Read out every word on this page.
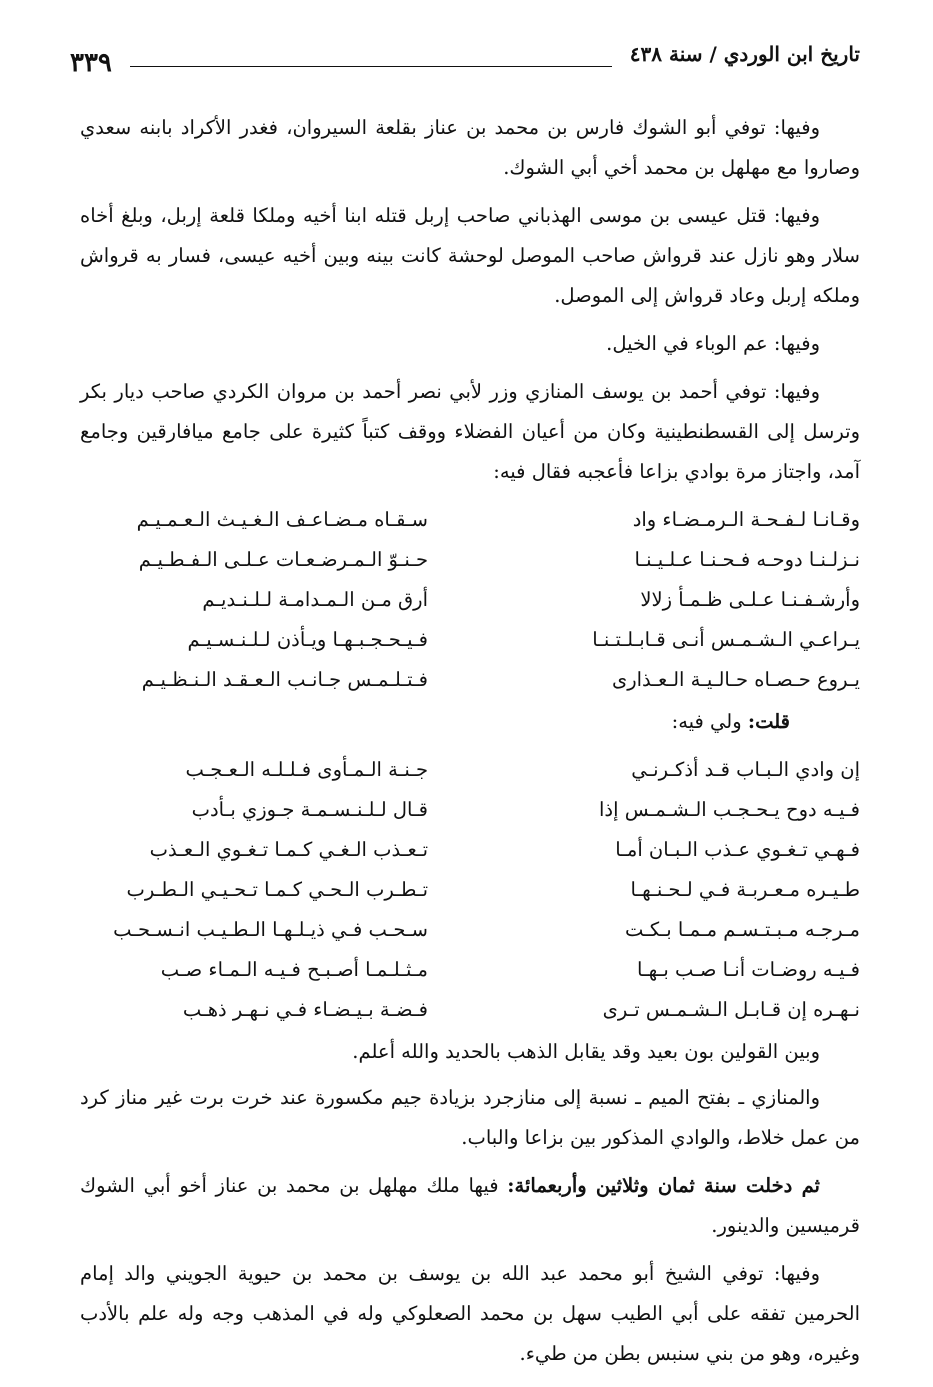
تاريخ ابن الوردي / سنة ٤٣٨
٣٣٩

وفيها: توفي أبو الشوك فارس بن محمد بن عناز بقلعة السيروان، فغدر الأكراد بابنه سعدي وصاروا مع مهلهل بن محمد أخي أبي الشوك.

وفيها: قتل عيسى بن موسى الهذباني صاحب إربل قتله ابنا أخيه وملكا قلعة إربل، وبلغ أخاه سلار وهو نازل عند قرواش صاحب الموصل لوحشة كانت بينه وبين أخيه عيسى، فسار به قرواش وملكه إربل وعاد قرواش إلى الموصل.

وفيها: عم الوباء في الخيل.

وفيها: توفي أحمد بن يوسف المنازي وزر لأبي نصر أحمد بن مروان الكردي صاحب ديار بكر وترسل إلى القسطنطينية وكان من أعيان الفضلاء ووقف كتباً كثيرة على جامع ميافارقين وجامع آمد، واجتاز مرة بوادي بزاعا فأعجبه فقال فيه:

وقـانـا لـفـحـة الـرمـضـاء واد
سـقـاه مـضـاعـف الـغـيـث الـعـمـيـم
نـزلـنـا دوحـه فـحـنـا عـلـيـنـا
حـنـوّ الـمـرضـعـات عـلـى الـفـطـيـم
وأرشـفـنـا عـلـى ظـمـأ زلالا
أرق مـن الـمـدامـة لـلـنـديـم
يـراعـي الـشـمـس أنـى قـابـلـتـنـا
فـيـحـجـبـهـا ويـأذن لـلـنـسـيـم
يـروع حـصـاه حـالـيـة الـعـذارى
فـتـلـمـس جـانـب الـعـقـد الـنـظـيـم
قلت: ولي فيه:
إن وادي الـبـاب قـد أذكـرنـي
جـنـة الـمـأوى فـلـلـه الـعـجـب
فـيـه دوح يـحـجـب الـشـمـس إذا
قـال لـلـنـسـمـة جـوزي بـأدب
فـهـي تـغـوي عـذب الـبـان أمـا
تـعـذب الـغـي كـمـا تـغـوي الـعـذب
طـيـره مـعـربـة فـي لـحـنـهـا
تـطـرب الـحـي كـمـا تـحـيـي الـطـرب
مـرجـه مـبـتـسـم مـمـا بـكـت
سـحـب فـي ذيـلـهـا الـطـيـب انـسـحـب
فـيـه روضـات أنـا صـب بـهـا
مـثـلـمـا أصـبـح فـيـه الـمـاء صـب
نـهـره إن قـابـل الـشـمـس تـرى
فـضـة بـيـضـاء فـي نـهـر ذهـب

وبين القولين بون بعيد وقد يقابل الذهب بالحديد والله أعلم.

والمنازي ـ بفتح الميم ـ نسبة إلى منازجرد بزيادة جيم مكسورة عند خرت برت غير مناز كرد من عمل خلاط، والوادي المذكور بين بزاعا والباب.

ثم دخلت سنة ثمان وثلاثين وأربعمائة: فيها ملك مهلهل بن محمد بن عناز أخو أبي الشوك قرميسين والدينور.

وفيها: توفي الشيخ أبو محمد عبد الله بن يوسف بن محمد بن حيوية الجويني والد إمام الحرمين تفقه على أبي الطيب سهل بن محمد الصعلوكي وله في المذهب وجه وله علم بالأدب وغيره، وهو من بني سنبس بطن من طيء.
